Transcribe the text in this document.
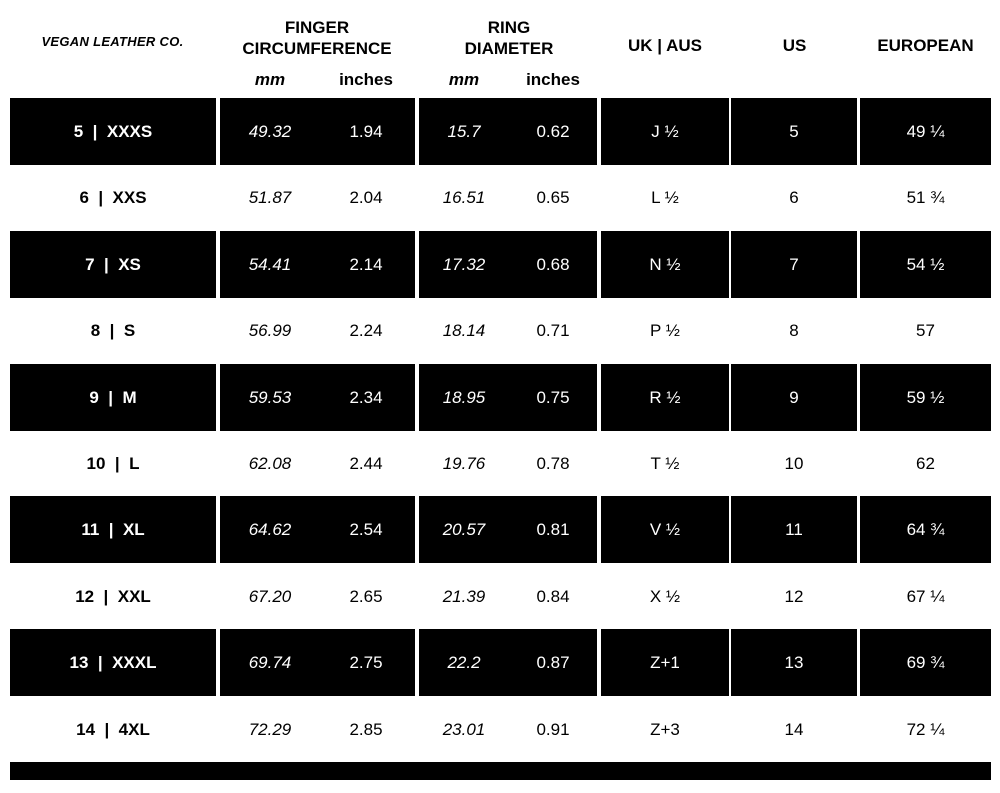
VEGAN LEATHER CO.
FINGER
CIRCUMFERENCE
RING
DIAMETER	UK | AUS	US	EUROPEAN
mm	inches	mm	inches
5  |  XXXS	49.32	1.94	15.7	0.62	J ½	5	49 ¼
6  |  XXS	51.87	2.04	16.51	0.65	L ½	6	51 ¾
7  |  XS	54.41	2.14	17.32	0.68	N ½	7	54 ½
8  |  S	56.99	2.24	18.14	0.71	P ½	8	57
9  |  M	59.53	2.34	18.95	0.75	R ½	9	59 ½
10  |  L	62.08	2.44	19.76	0.78	T ½	10	62
11  |  XL	64.62	2.54	20.57	0.81	V ½	11	64 ¾
12  |  XXL	67.20	2.65	21.39	0.84	X ½	12	67 ¼
13  |  XXXL	69.74	2.75	22.2	0.87	Z+1	13	69 ¾
14  |  4XL	72.29	2.85	23.01	0.91	Z+3	14	72 ¼
